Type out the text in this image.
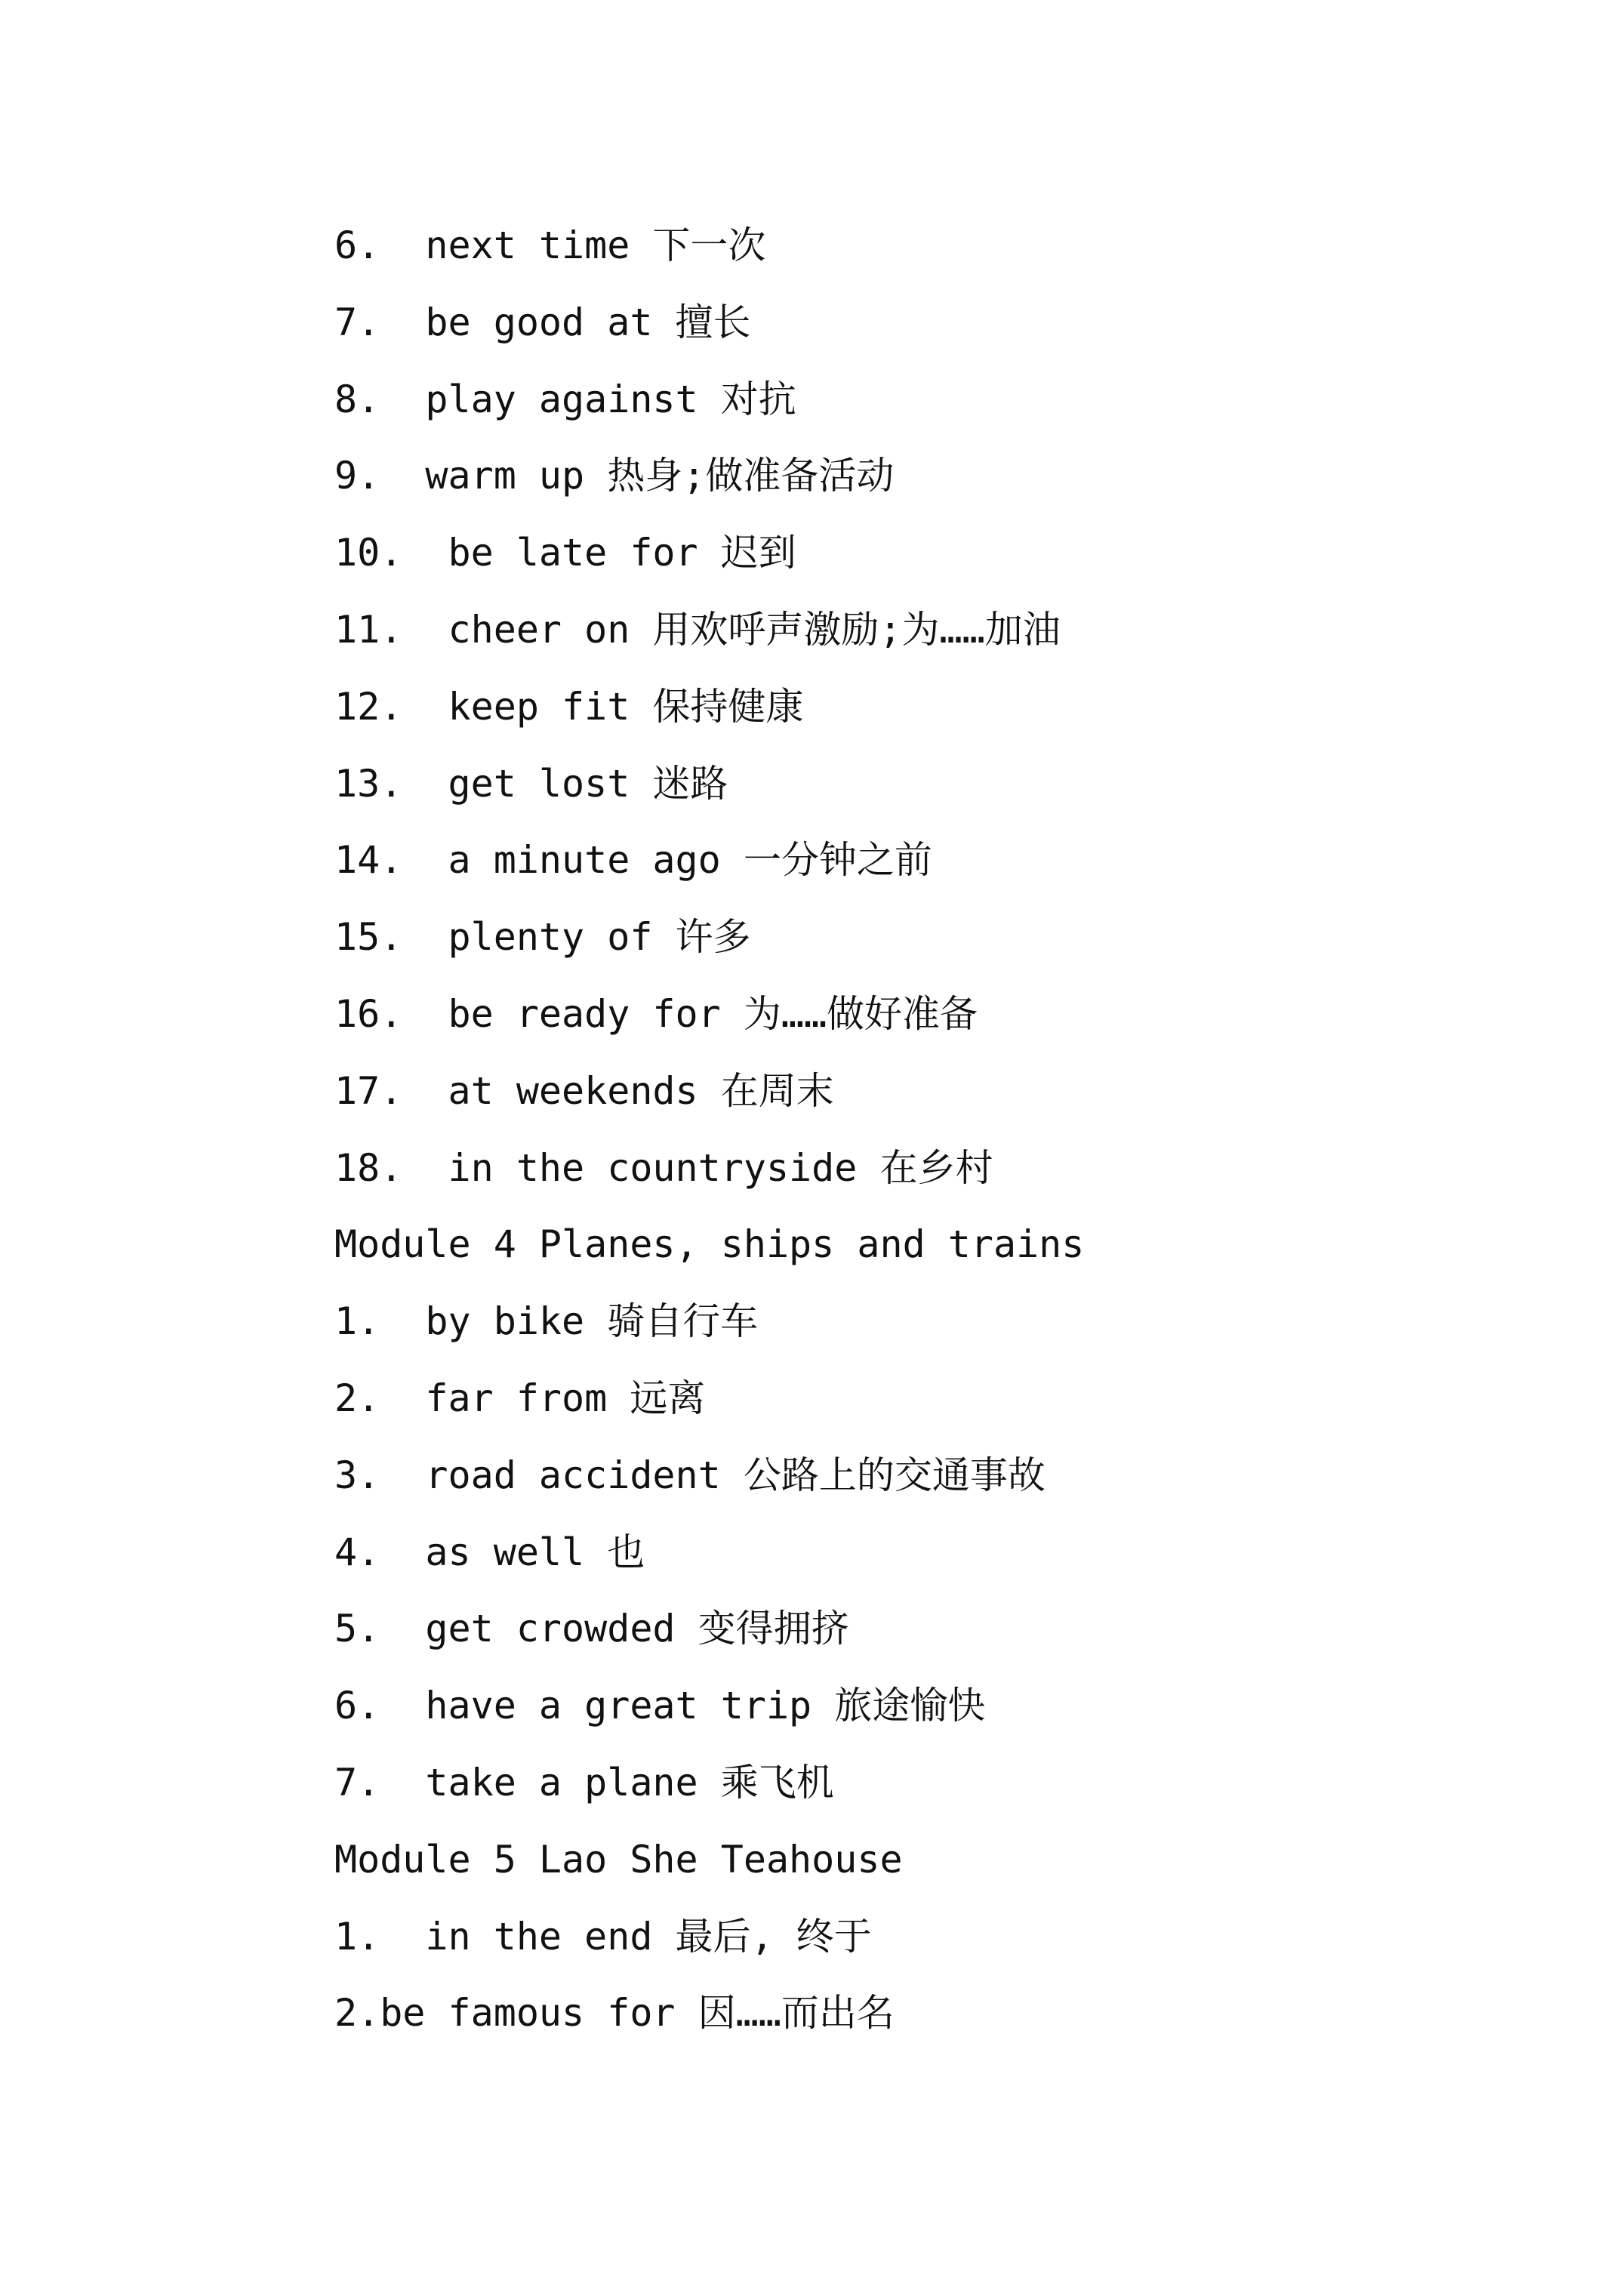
6.  next time 下一次
7.  be good at 擅长
8.  play against 对抗
9.  warm up 热身;做准备活动
10.  be late for 迟到
11.  cheer on 用欢呼声激励;为……加油
12.  keep fit 保持健康
13.  get lost 迷路
14.  a minute ago 一分钟之前
15.  plenty of 许多
16.  be ready for 为……做好准备
17.  at weekends 在周末
18.  in the countryside 在乡村
Module 4 Planes, ships and trains
1.  by bike 骑自行车
2.  far from 远离
3.  road accident 公路上的交通事故
4.  as well 也
5.  get crowded 变得拥挤
6.  have a great trip 旅途愉快
7.  take a plane 乘飞机
Module 5 Lao She Teahouse
1.  in the end 最后, 终于
2.be famous for 因……而出名
